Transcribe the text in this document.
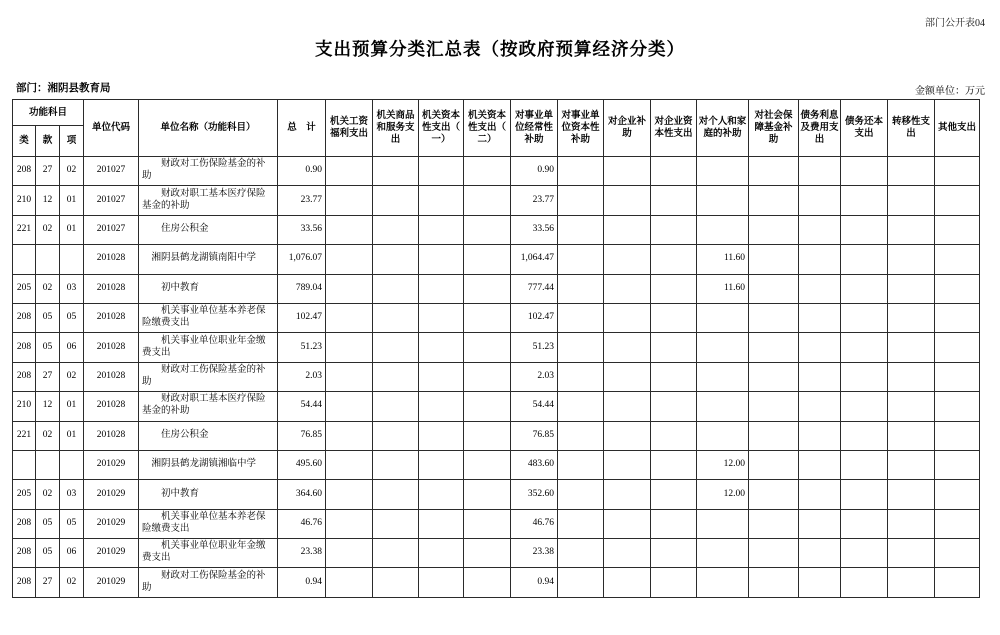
部门公开表04
支出预算分类汇总表（按政府预算经济分类）
部门：湘阴县教育局	金额单位：万元
功能科目			单位代码	单位名称（功能科目）	总　计	机关工资福利支出	机关商品和服务支出	机关资本性支出（一）	机关资本性支出（二）	对事业单位经常性补助	对事业单位资本性补助	对企业补助	对企业资本性支出	对个人和家庭的补助	对社会保障基金补助	债务利息及费用支出	债务还本支出	转移性支出	其他支出
类	款	项																	
208	27	02	201027	财政对工伤保险基金的补助	0.90					0.90									
210	12	01	201027	财政对职工基本医疗保险基金的补助	23.77					23.77									
221	02	01	201027	住房公积金	33.56					33.56									
			201028	湘阴县鹤龙湖镇南阳中学	1,076.07					1,064.47				11.60					
205	02	03	201028	初中教育	789.04					777.44				11.60					
208	05	05	201028	机关事业单位基本养老保险缴费支出	102.47					102.47									
208	05	06	201028	机关事业单位职业年金缴费支出	51.23					51.23									
208	27	02	201028	财政对工伤保险基金的补助	2.03					2.03									
210	12	01	201028	财政对职工基本医疗保险基金的补助	54.44					54.44									
221	02	01	201028	住房公积金	76.85					76.85									
			201029	湘阴县鹤龙湖镇湘临中学	495.60					483.60				12.00					
205	02	03	201029	初中教育	364.60					352.60				12.00					
208	05	05	201029	机关事业单位基本养老保险缴费支出	46.76					46.76									
208	05	06	201029	机关事业单位职业年金缴费支出	23.38					23.38									
208	27	02	201029	财政对工伤保险基金的补助	0.94					0.94									
